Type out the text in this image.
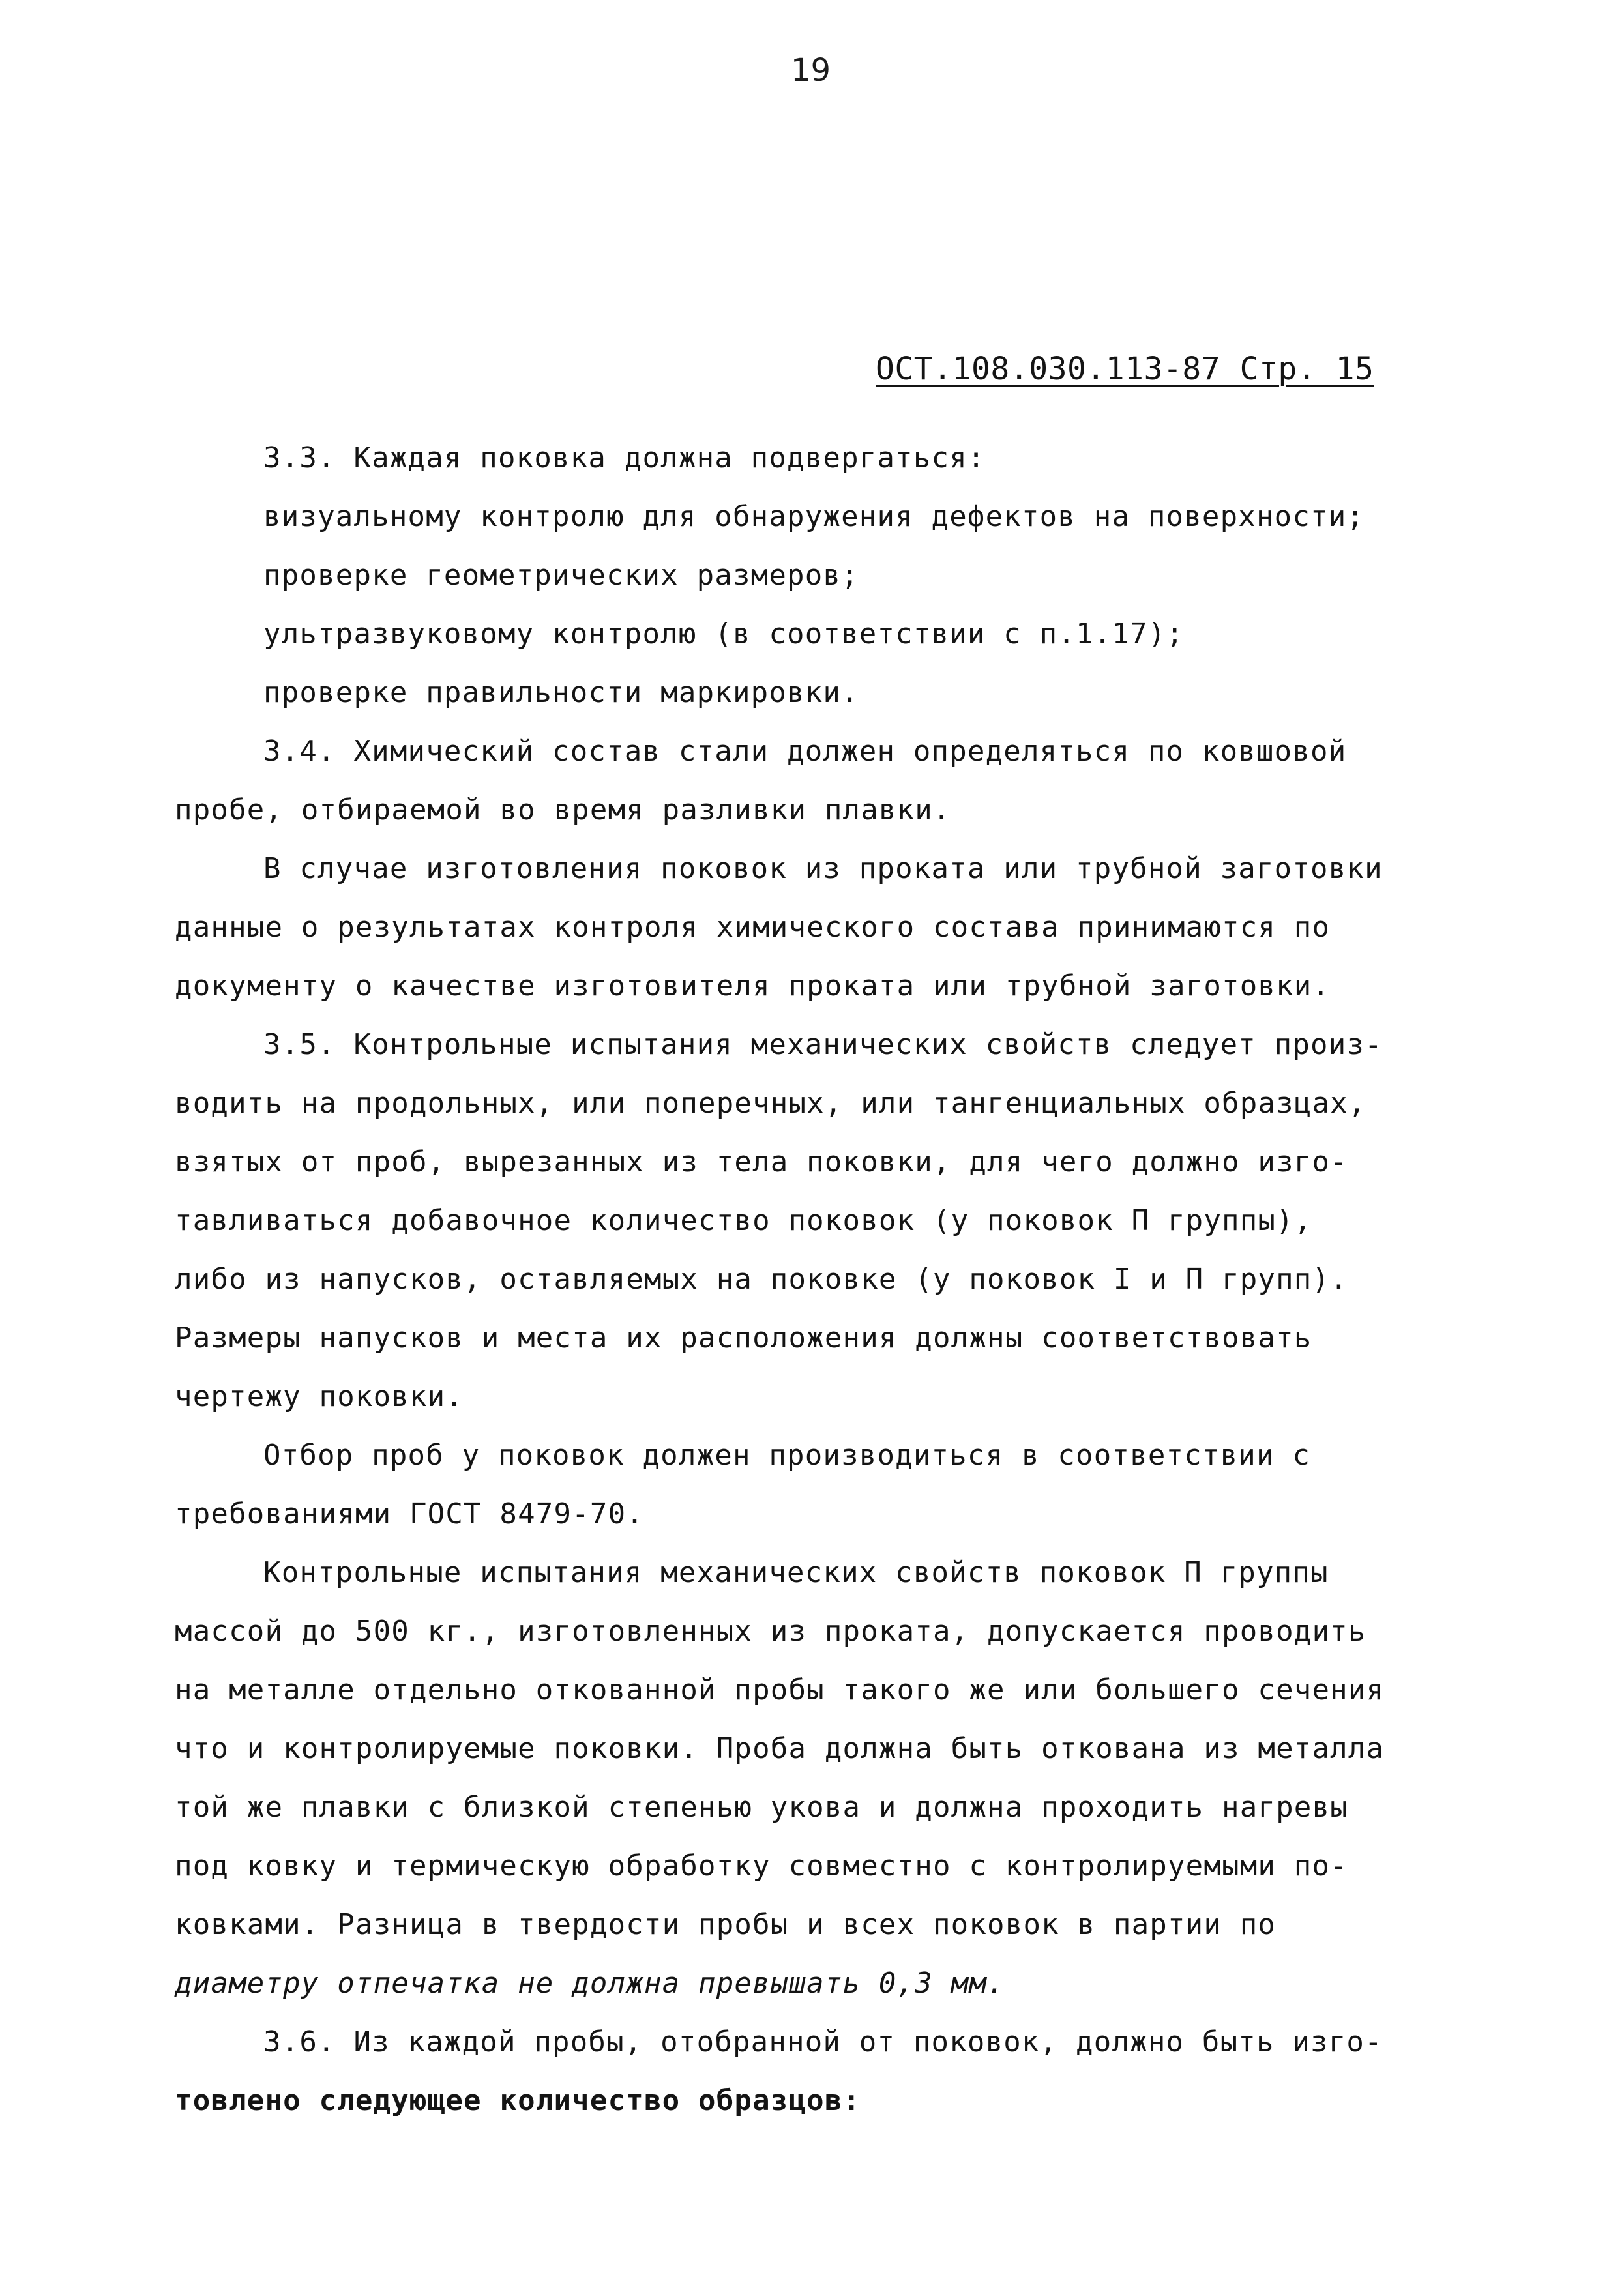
19
ОСТ.108.030.113-87 Стр. 15
3.3. Каждая поковка должна подвергаться:
визуальному контролю для обнаружения дефектов на поверхности;
проверке геометрических размеров;
ультразвуковому контролю (в соответствии с п.1.17);
проверке правильности маркировки.
3.4. Химический состав стали должен определяться по ковшовой
пробе, отбираемой во время разливки плавки.
В случае изготовления поковок из проката или трубной заготовки
данные о результатах контроля химического состава принимаются по
документу о качестве изготовителя проката или трубной заготовки.
3.5. Контрольные испытания механических свойств следует произ-
водить на продольных, или поперечных, или тангенциальных образцах,
взятых от проб, вырезанных из тела поковки, для чего должно изго-
тавливаться добавочное количество поковок (у поковок П группы),
либо из напусков, оставляемых на поковке (у поковок I и П групп).
Размеры напусков и места их расположения должны соответствовать
чертежу поковки.
Отбор проб у поковок должен производиться в соответствии с
требованиями ГОСТ 8479-70.
Контрольные испытания механических свойств поковок П группы
массой до 500 кг., изготовленных из проката, допускается проводить
на металле отдельно откованной пробы такого же или большего сечения
что и контролируемые поковки. Проба должна быть откована из металла
той же плавки с близкой степенью укова и должна проходить нагревы
под ковку и термическую обработку совместно с контролируемыми по-
ковками. Разница в твердости пробы и всех поковок в партии по
диаметру отпечатка не должна превышать 0,3 мм.
3.6. Из каждой пробы, отобранной от поковок, должно быть изго-
товлено следующее количество образцов:
